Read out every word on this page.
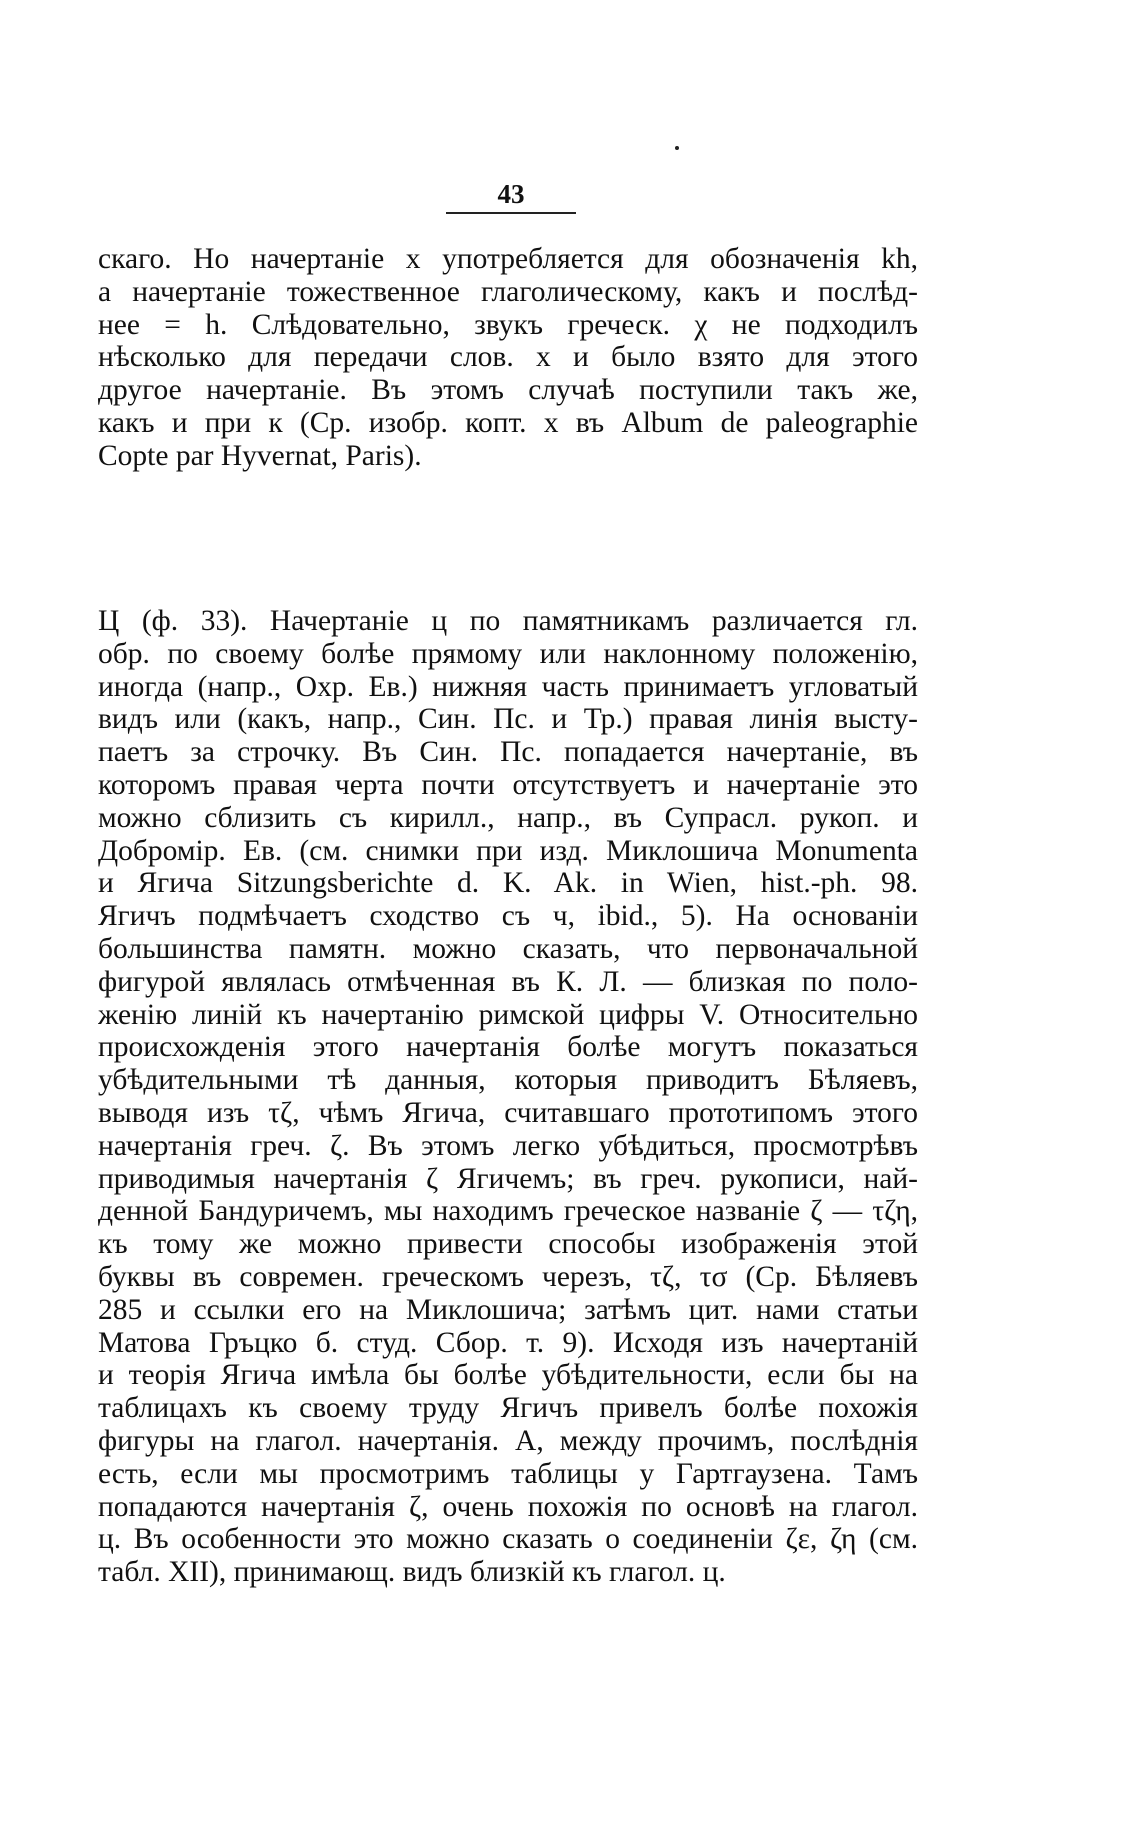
43
скаго. Но начертаніе х употребляется для обозначенія kh,
а начертаніе тожественное глаголическому, какъ и послѣд-
нее = h. Слѣдовательно, звукъ греческ. χ не подходилъ
нѣсколько для передачи слов. х и было взято для этого
другое начертаніе. Въ этомъ случаѣ поступили такъ же,
какъ и при к (Ср. изобр. копт. х въ Album de paleographie
Copte par Hyvernat, Paris).
Ц (ф. 33). Начертаніе ц по памятникамъ различается гл.
обр. по своему болѣе прямому или наклонному положенію,
иногда (напр., Охр. Ев.) нижняя часть принимаетъ угловатый
видъ или (какъ, напр., Син. Пс. и Тр.) правая линія высту-
паетъ за строчку. Въ Син. Пс. попадается начертаніе, въ
которомъ правая черта почти отсутствуетъ и начертаніе это
можно сблизить съ кирилл., напр., въ Супрасл. рукоп. и
Добромір. Ев. (см. снимки при изд. Миклошича Monumenta
и Ягича Sitzungsberichte d. K. Ak. in Wien, hist.-ph. 98.
Ягичъ подмѣчаетъ сходство съ ч, ibid., 5). На основаніи
большинства памятн. можно сказать, что первоначальной
фигурой являлась отмѣченная въ К. Л. — близкая по поло-
женію линій къ начертанію римской цифры V. Относительно
происхожденія этого начертанія болѣе могутъ показаться
убѣдительными тѣ данныя, которыя приводитъ Бѣляевъ,
выводя изъ τζ, чѣмъ Ягича, считавшаго прототипомъ этого
начертанія греч. ζ. Въ этомъ легко убѣдиться, просмотрѣвъ
приводимыя начертанія ζ Ягичемъ; въ греч. рукописи, най-
денной Бандуричемъ, мы находимъ греческое названіе ζ — τζη,
къ тому же можно привести способы изображенія этой
буквы въ современ. греческомъ черезъ, τζ, τσ (Ср. Бѣляевъ
285 и ссылки его на Миклошича; затѣмъ цит. нами статьи
Матова Гръцко б. студ. Сбор. т. 9). Исходя изъ начертаній
и теорія Ягича имѣла бы болѣе убѣдительности, если бы на
таблицахъ къ своему труду Ягичъ привелъ болѣе похожія
фигуры на глагол. начертанія. А, между прочимъ, послѣднія
есть, если мы просмотримъ таблицы у Гартгаузена. Тамъ
попадаются начертанія ζ, очень похожія по основѣ на глагол.
ц. Въ особенности это можно сказать о соединеніи ζε, ζη (см.
табл. XII), принимающ. видъ близкій къ глагол. ц.
